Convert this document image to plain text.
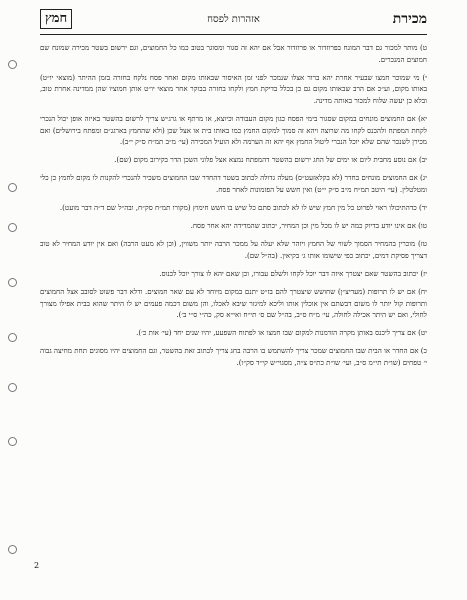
מכירת
אזהרות לפסח
חמץ

ט) מותר למכור גם דבר המונח בפרוזדור או פרוזדור אבל אם יהא זה סגור ומסוגר בטוב כמו כל החמוצים, וגם ירשום בשטר מכירה שמונח שם חמוצים המנכרים.

י) מי שמוכר חמצו שבעיר אחרת יהא ברור אצלו שנמכר לפני זמן האיסור שבאותו מקום ואחר פסח נלקח בחזרה בזמן ההיתר (מוצאי יו״ט) באותו מקום, וע״כ אם הרב שבאותו מקום גם כן בכלל בדיקת חמץ ולקחו בחזרה בבוקר אחר מוצאי יו״ט אותן חמוציו שהן ממדינה אחרת טוב, ובלא כן יעשה שלוח למכור באותה מדינה.

יא) אם החמוצים מונחים במקום שסגור בימי הפסח כגון מקום העבודה וכיוצא, או מרתף או גרג״ש צריך לרשום בהשטר באיזה אופן יכול הנכרי לקחת המפתח ולהכנס לקחו מה שרוצה ויהא זה סמוך למקום החמץ כמו באותו בית או אצל שכן (ולא שהחמץ בארגג״ם ומפתח בירושלים) ואם מכירן לשנכר שהם שלא יוכל הנכרי ליטול החמץ אף יהא זה הערמה ולא הועיל המכירה (עי׳ מ״ב תמ״ח ס״ק י״ב).

יב) אם נוסע מחבית ליום או ימים של החג ירשום בהשטר דהמפתח נמצא אצל פלוני השכן הדר בקירוב מקום (שם).

יג) אם החמוצים מונחים בחדר (לא בקלאזעט״ס) מעלה גדולה לכתוב בשטר דהחדר שבו החמוצים משכיר להנכרי להקנות לו מקום לחמץ כן כלי ומטלטלין. (עי׳ היטב תמ״ח מ״ב ס״ק י״ט) ואין חשש על הפזמונות לאחר פסח.

יד) כדהתיכולו ראוי לפרוט כל מין חמץ שיש לו לא לכתוב סתם כל שיש בו חשש חימוץ (מקורו תמ״ח סק״ח, ובה״ל שם ד״ה דבר מועט).

טו) אם אינו יודע בדיוק כמה יש לו מכל מין וכן המחיר, יכתוב שהמדידה יהא אחר פסח.

טז) מוכרין בהמחיר הסמוך לשווי של החמץ ויזהר שלא יעלה על ממכר הרבה יותר משווין, (וכן לא מעט הרבה) ואם אין יודע המחיר לא טוב דצריך פסיקת דמים, יכתוב כפי שישומו אותו ג׳ בקיאין. (בה״ל שם).

יז) יכתוב בהשטר שאם יצטרך איזה דבר יוכל לקחו ולשלם עבורו, וכן שאם יהא לו צורך יוכל לכנוס.

יח) אם יש לו תרופות (מעדיצ״ן) שחושש שיצטרך להם בז״ט יתנם במקום מיוחד לא עם שאר חמוצים. ודלא דבר פשוט לסובב אצל החמוצים ותרופות קול יותר לו משום דבשתם אין אוכלין אותו וליכא למיגזר שיבא לאכלו, והן משום דכמה פעמים יש לו היתר שהוא בבית אפילו מצורך לחולי, ואם יש היתר אכילה לחולה, עי׳ מ״ח ס״ב, בה״ל שם ס׳ תי״ח ואי״א סק, כה״י ס״י ב׳).

יט) אם צריך ליכנס באותן מקרה הזדמנות למקום שבו חמצו או לפתוח השפעע, יהיו שנים יחד (עי׳ אות כ׳).

כ) אם החדר או הבית שבו החמוצים שמכר צריך להשתמש בו הרבה בחג צריך לכתוב זאת בהשטר, וגם החמוצים יהיו מסוגים תחת מחיצה גבוה י׳ טפחים (שו״ת תי״מ ס״ב, ועי׳ שו״ת כת״ס צ״ה, מסגוי״ש קי״ד סק״ו).

2
